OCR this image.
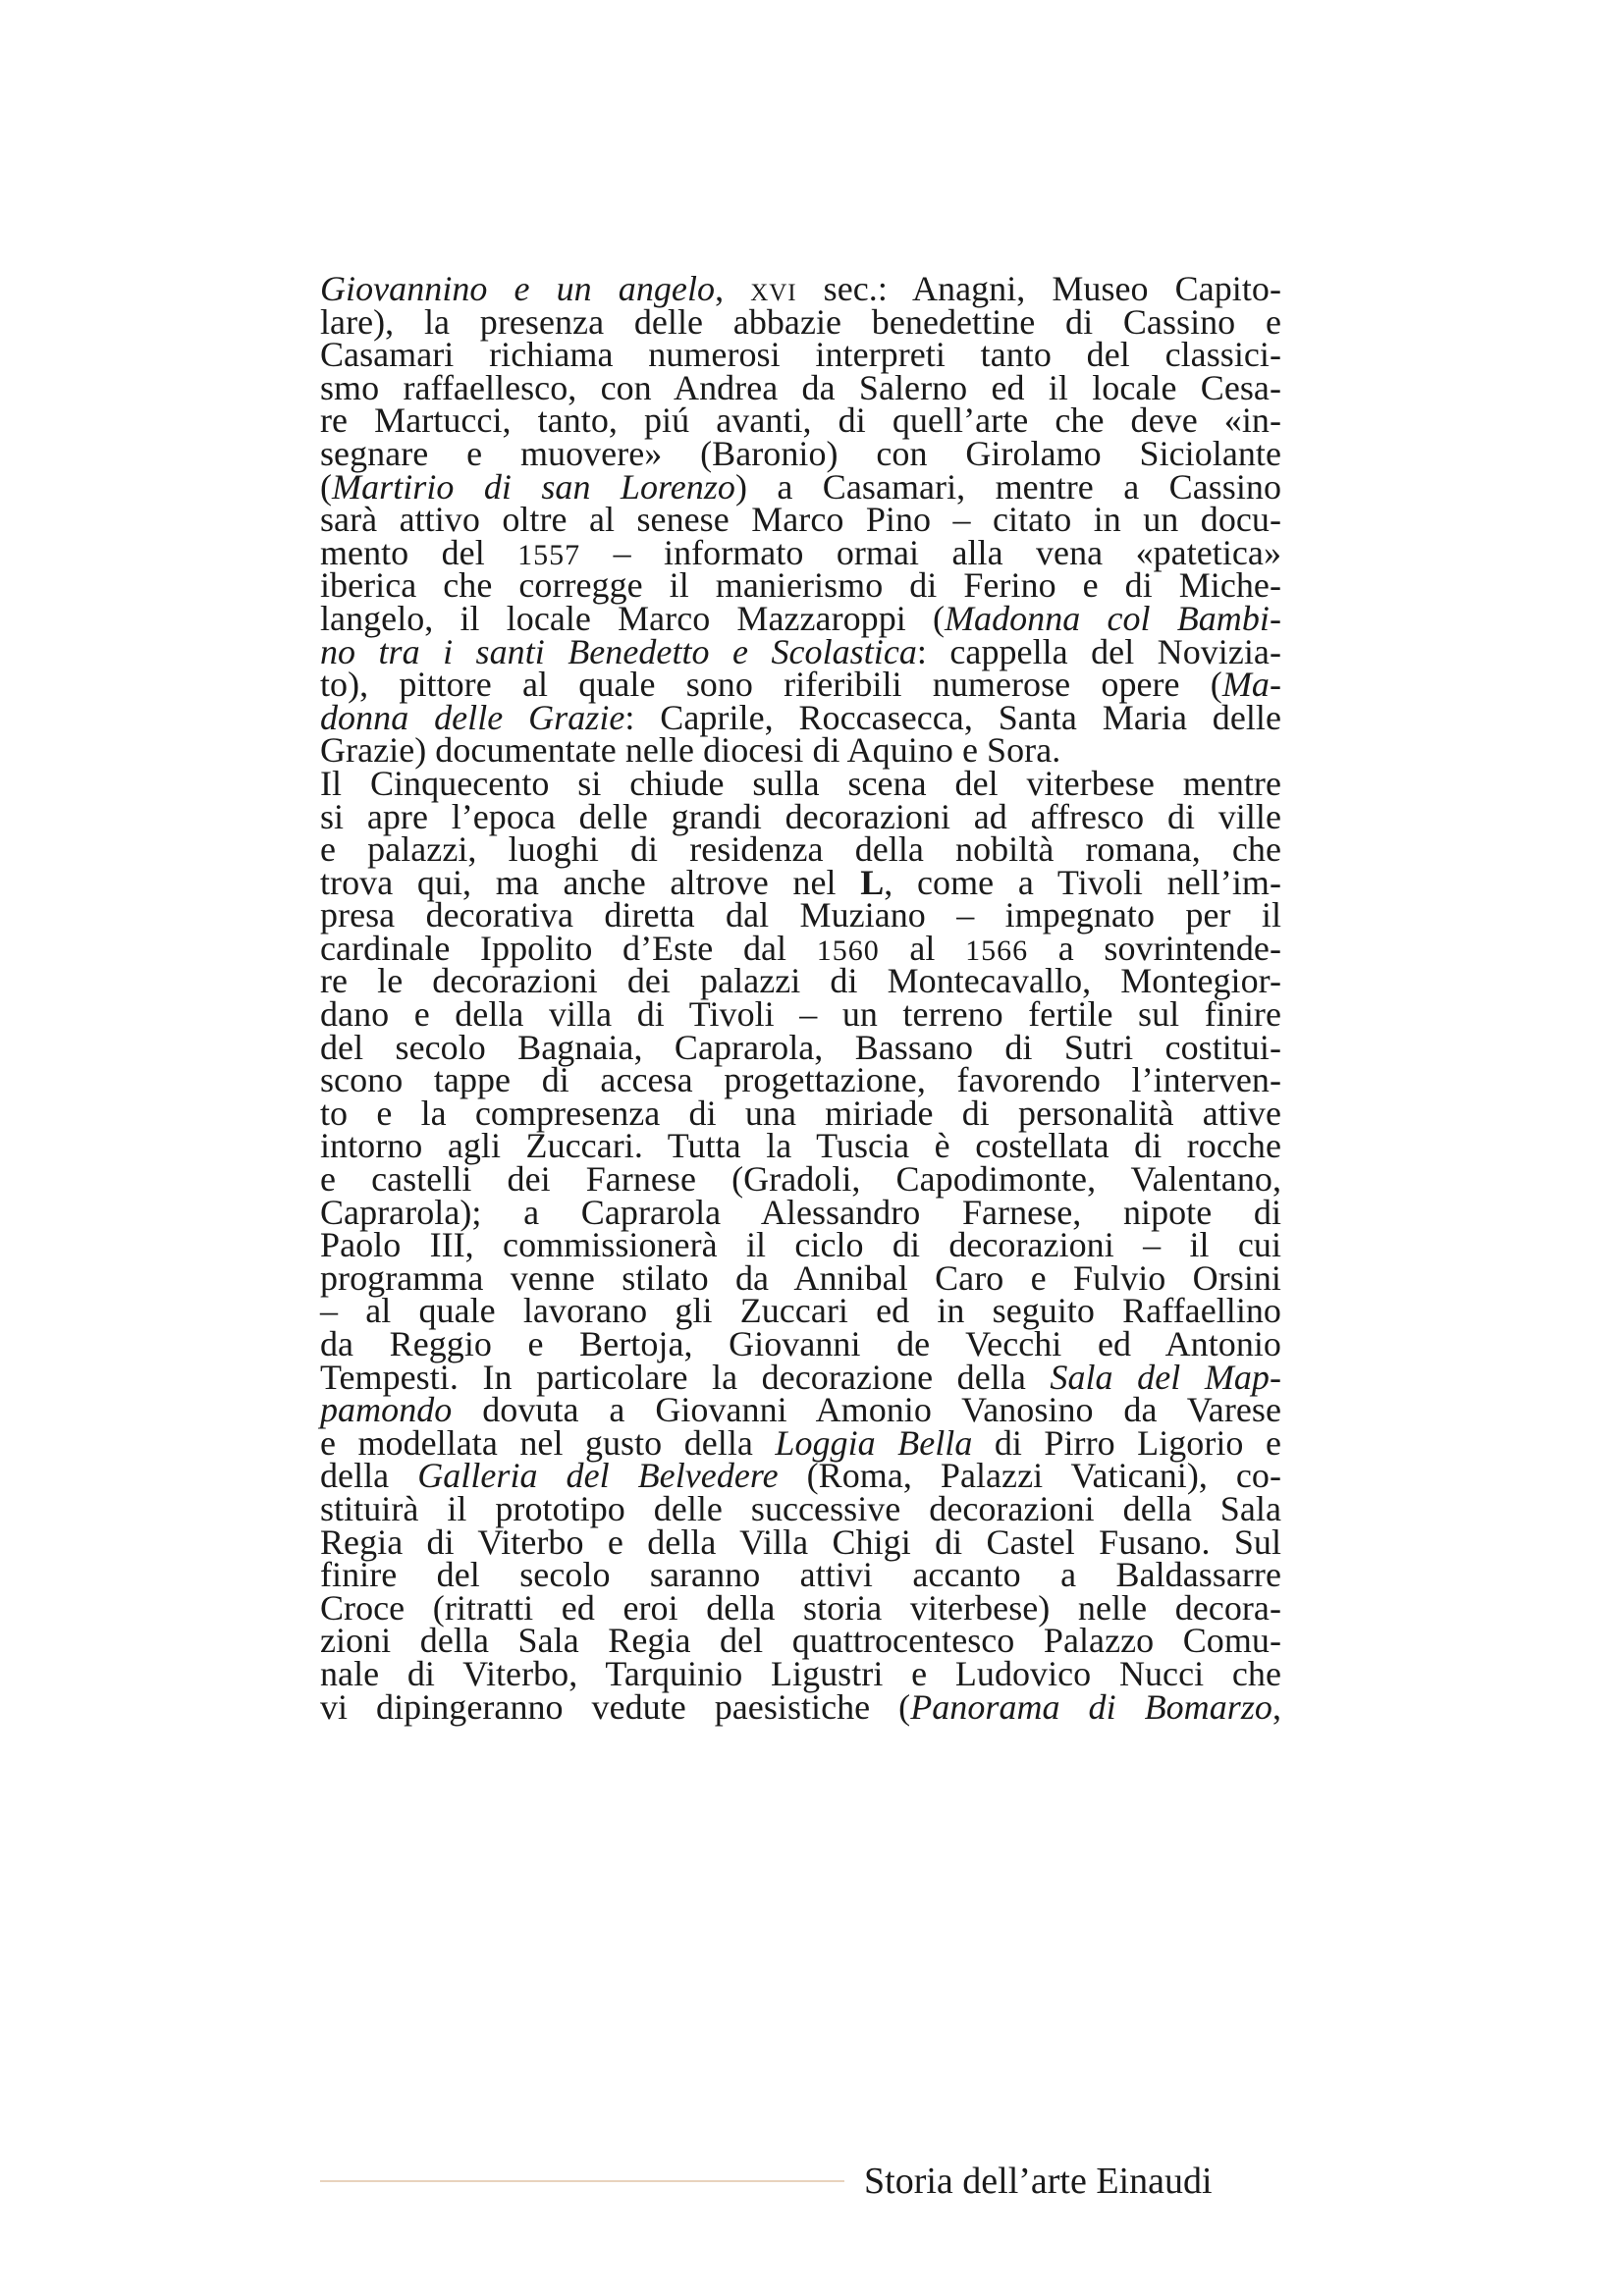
Giovannino e un angelo, xvi sec.: Anagni, Museo Capito-
lare), la presenza delle abbazie benedettine di Cassino e
Casamari richiama numerosi interpreti tanto del classici-
smo raffaellesco, con Andrea da Salerno ed il locale Cesa-
re Martucci, tanto, piú avanti, di quell’arte che deve «in-
segnare e muovere» (Baronio) con Girolamo Siciolante
(Martirio di san Lorenzo) a Casamari, mentre a Cassino
sarà attivo oltre al senese Marco Pino – citato in un docu-
mento del 1557 – informato ormai alla vena «patetica»
iberica che corregge il manierismo di Ferino e di Miche-
langelo, il locale Marco Mazzaroppi (Madonna col Bambi-
no tra i santi Benedetto e Scolastica: cappella del Novizia-
to), pittore al quale sono riferibili numerose opere (Ma-
donna delle Grazie: Caprile, Roccasecca, Santa Maria delle
Grazie) documentate nelle diocesi di Aquino e Sora.
Il Cinquecento si chiude sulla scena del viterbese mentre
si apre l’epoca delle grandi decorazioni ad affresco di ville
e palazzi, luoghi di residenza della nobiltà romana, che
trova qui, ma anche altrove nel L, come a Tivoli nell’im-
presa decorativa diretta dal Muziano – impegnato per il
cardinale Ippolito d’Este dal 1560 al 1566 a sovrintende-
re le decorazioni dei palazzi di Montecavallo, Montegior-
dano e della villa di Tivoli – un terreno fertile sul finire
del secolo Bagnaia, Caprarola, Bassano di Sutri costitui-
scono tappe di accesa progettazione, favorendo l’interven-
to e la compresenza di una miriade di personalità attive
intorno agli Zuccari. Tutta la Tuscia è costellata di rocche
e castelli dei Farnese (Gradoli, Capodimonte, Valentano,
Caprarola); a Caprarola Alessandro Farnese, nipote di
Paolo III, commissionerà il ciclo di decorazioni – il cui
programma venne stilato da Annibal Caro e Fulvio Orsini
– al quale lavorano gli Zuccari ed in seguito Raffaellino
da Reggio e Bertoja, Giovanni de Vecchi ed Antonio
Tempesti. In particolare la decorazione della Sala del Map-
pamondo dovuta a Giovanni Amonio Vanosino da Varese
e modellata nel gusto della Loggia Bella di Pirro Ligorio e
della Galleria del Belvedere (Roma, Palazzi Vaticani), co-
stituirà il prototipo delle successive decorazioni della Sala
Regia di Viterbo e della Villa Chigi di Castel Fusano. Sul
finire del secolo saranno attivi accanto a Baldassarre
Croce (ritratti ed eroi della storia viterbese) nelle decora-
zioni della Sala Regia del quattrocentesco Palazzo Comu-
nale di Viterbo, Tarquinio Ligustri e Ludovico Nucci che
vi dipingeranno vedute paesistiche (Panorama di Bomarzo,
Storia dell’arte Einaudi
